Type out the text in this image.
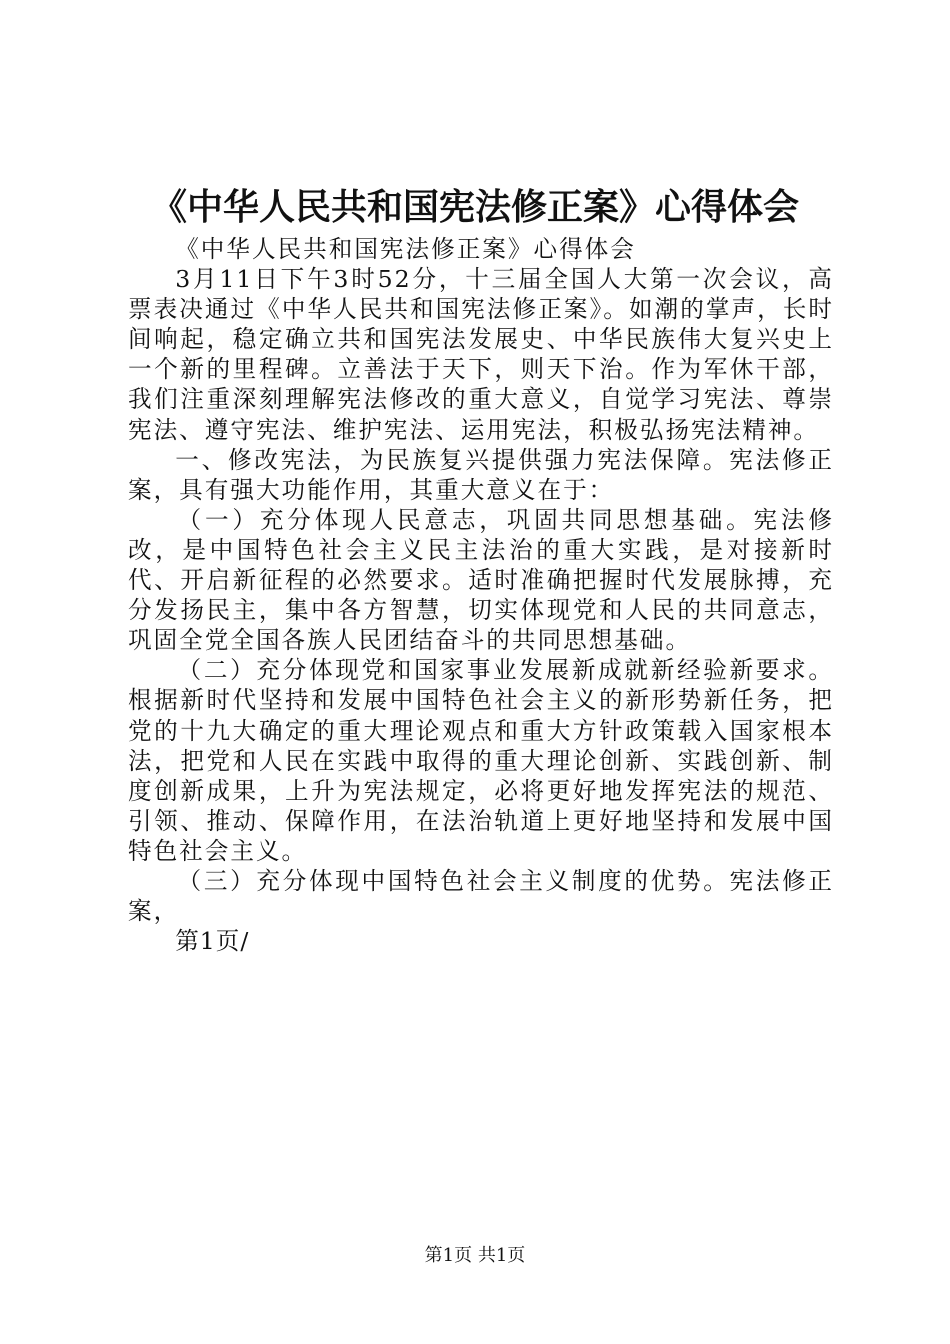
《中华人民共和国宪法修正案》心得体会

《中华人民共和国宪法修正案》心得体会

3月11日下午3时52分，十三届全国人大第一次会议，高票表决通过《中华人民共和国宪法修正案》。如潮的掌声，长时间响起，稳定确立共和国宪法发展史、中华民族伟大复兴史上一个新的里程碑。立善法于天下，则天下治。作为军休干部，我们注重深刻理解宪法修改的重大意义，自觉学习宪法、尊崇宪法、遵守宪法、维护宪法、运用宪法，积极弘扬宪法精神。

一、修改宪法，为民族复兴提供强力宪法保障。宪法修正案，具有强大功能作用，其重大意义在于：

（一）充分体现人民意志，巩固共同思想基础。宪法修改，是中国特色社会主义民主法治的重大实践，是对接新时代、开启新征程的必然要求。适时准确把握时代发展脉搏，充分发扬民主，集中各方智慧，切实体现党和人民的共同意志，巩固全党全国各族人民团结奋斗的共同思想基础。

（二）充分体现党和国家事业发展新成就新经验新要求。根据新时代坚持和发展中国特色社会主义的新形势新任务，把党的十九大确定的重大理论观点和重大方针政策载入国家根本法，把党和人民在实践中取得的重大理论创新、实践创新、制度创新成果，上升为宪法规定，必将更好地发挥宪法的规范、引领、推动、保障作用，在法治轨道上更好地坚持和发展中国特色社会主义。

（三）充分体现中国特色社会主义制度的优势。宪法修正案，

第1页/

第1页 共1页
